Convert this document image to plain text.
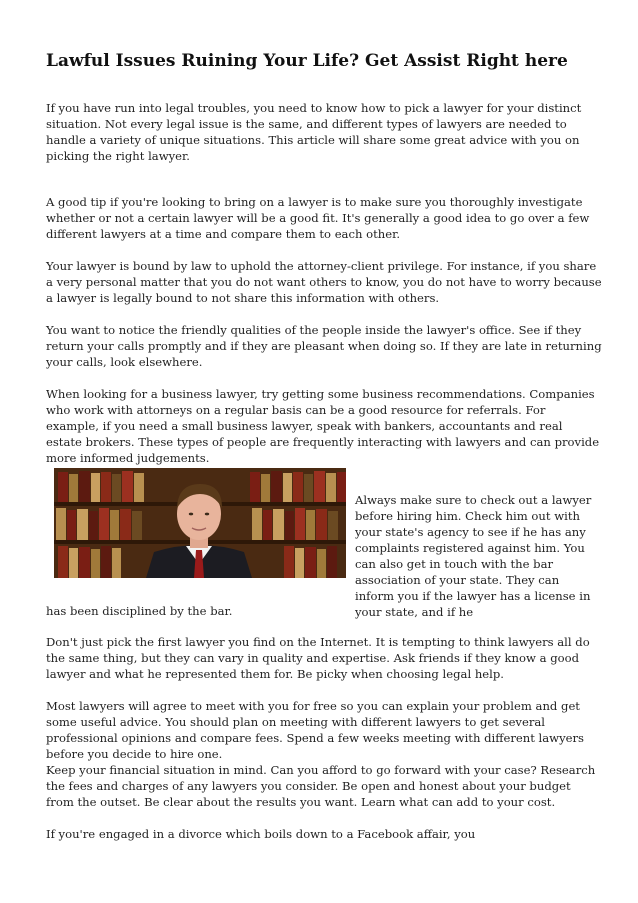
Lawful Issues Ruining Your Life? Get Assist Right here

If you have run into legal troubles, you need to know how to pick a lawyer for your distinct situation. Not every legal issue is the same, and different types of lawyers are needed to handle a variety of unique situations. This article will share some great advice with you on picking the right lawyer.

A good tip if you're looking to bring on a lawyer is to make sure you thoroughly investigate whether or not a certain lawyer will be a good fit. It's generally a good idea to go over a few different lawyers at a time and compare them to each other.

Your lawyer is bound by law to uphold the attorney-client privilege. For instance, if you share a very personal matter that you do not want others to know, you do not have to worry because a lawyer is legally bound to not share this information with others.

You want to notice the friendly qualities of the people inside the lawyer's office. See if they return your calls promptly and if they are pleasant when doing so. If they are late in returning your calls, look elsewhere.

When looking for a business lawyer, try getting some business recommendations. Companies who work with attorneys on a regular basis can be a good resource for referrals. For example, if you need a small business lawyer, speak with bankers, accountants and real estate brokers. These types of people are frequently interacting with lawyers and can provide more informed judgements.

Always make sure to check out a lawyer before hiring him. Check him out with your state's agency to see if he has any complaints registered against him. You can also get in touch with the bar association of your state. They can inform you if the lawyer has a license in your state, and if he

has been disciplined by the bar.

Don't just pick the first lawyer you find on the Internet. It is tempting to think lawyers all do the same thing, but they can vary in quality and expertise. Ask friends if they know a good lawyer and what he represented them for. Be picky when choosing legal help.

Most lawyers will agree to meet with you for free so you can explain your problem and get some useful advice. You should plan on meeting with different lawyers to get several professional opinions and compare fees. Spend a few weeks meeting with different lawyers before you decide to hire one.

Keep your financial situation in mind. Can you afford to go forward with your case? Research the fees and charges of any lawyers you consider. Be open and honest about your budget from the outset. Be clear about the results you want. Learn what can add to your cost.

If you're engaged in a divorce which boils down to a Facebook affair, you
